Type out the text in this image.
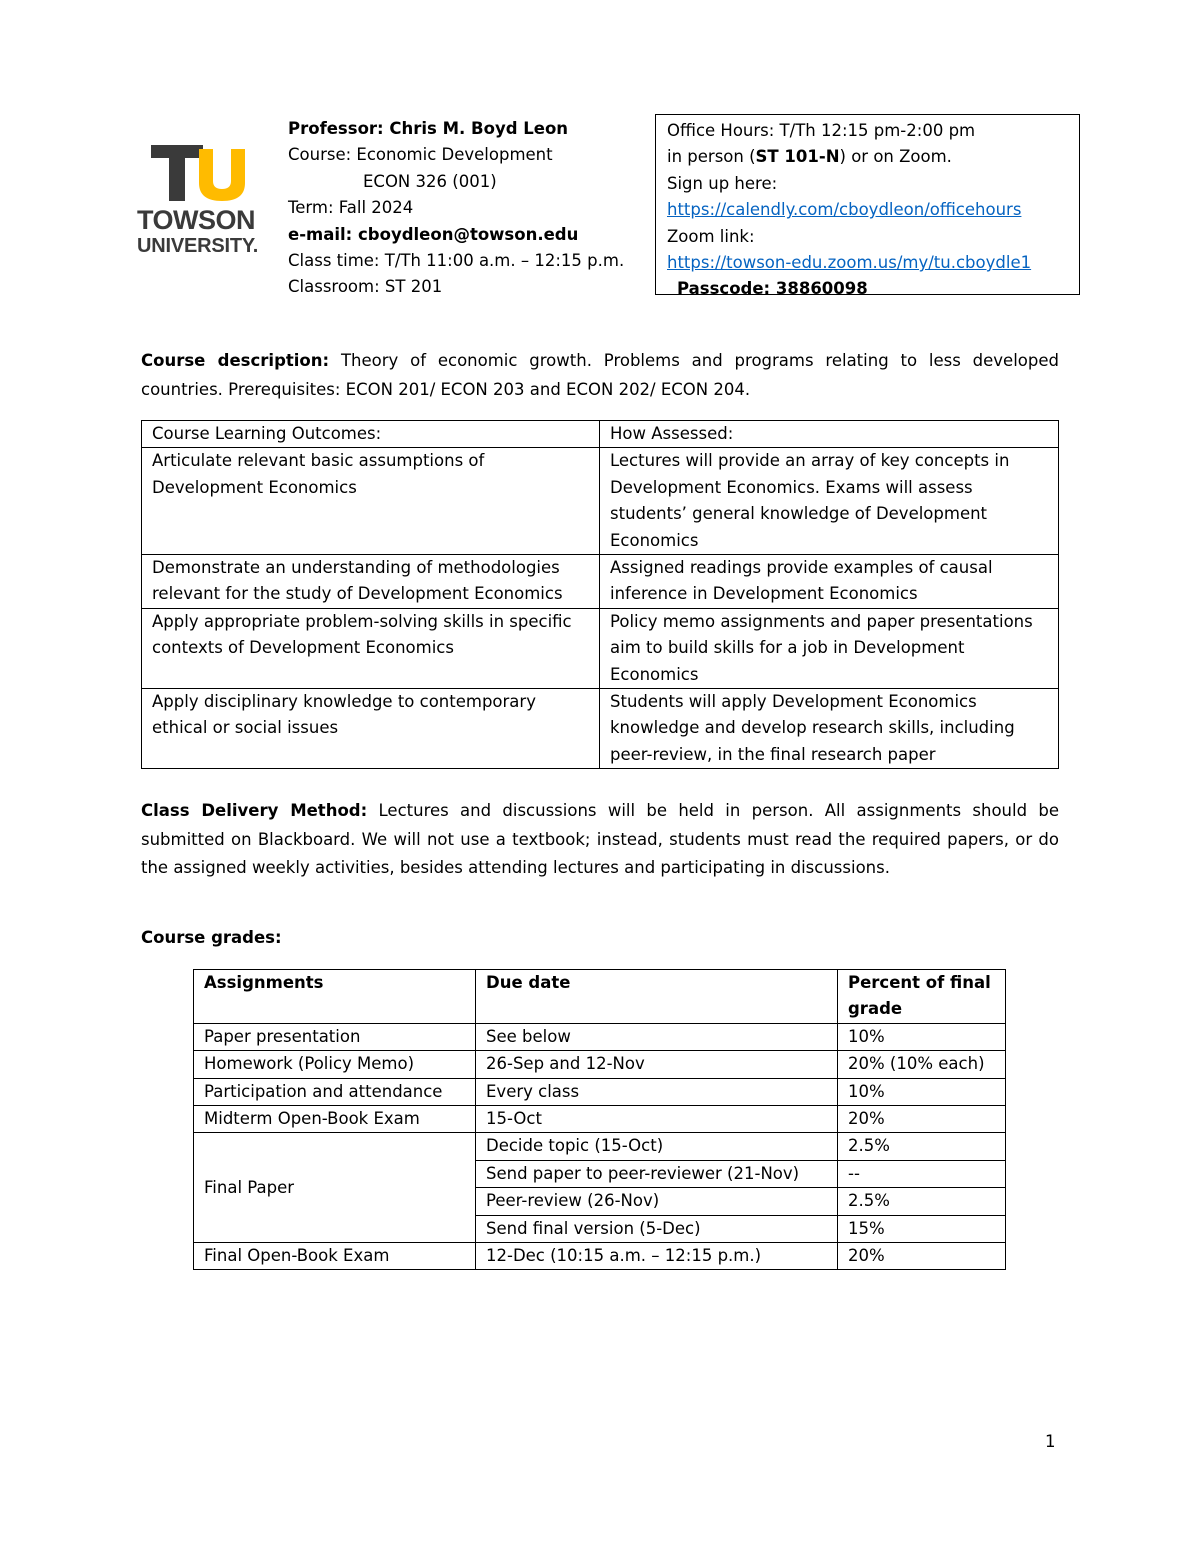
TOWSON
UNIVERSITY.
Professor: Chris M. Boyd Leon
Course: Economic Development
ECON 326 (001)
Term: Fall 2024
e-mail: cboydleon@towson.edu
Class time: T/Th 11:00 a.m. – 12:15 p.m.
Classroom: ST 201
Office Hours: T/Th 12:15 pm-2:00 pm
in person (ST 101-N) or on Zoom.
Sign up here:
https://calendly.com/cboydleon/officehours
Zoom link:
https://towson-edu.zoom.us/my/tu.cboydle1
Passcode: 38860098
Course description: Theory of economic growth. Problems and programs relating to less developed countries. Prerequisites: ECON 201/ ECON 203 and ECON 202/ ECON 204.
Course Learning Outcomes:	How Assessed:
Articulate relevant basic assumptions of Development Economics	Lectures will provide an array of key concepts in Development Economics. Exams will assess students’ general knowledge of Development Economics
Demonstrate an understanding of methodologies relevant for the study of Development Economics	Assigned readings provide examples of causal inference in Development Economics
Apply appropriate problem-solving skills in specific contexts of Development Economics	Policy memo assignments and paper presentations aim to build skills for a job in Development Economics
Apply disciplinary knowledge to contemporary ethical or social issues	Students will apply Development Economics knowledge and develop research skills, including peer-review, in the final research paper
Class Delivery Method: Lectures and discussions will be held in person. All assignments should be submitted on Blackboard. We will not use a textbook; instead, students must read the required papers, or do the assigned weekly activities, besides attending lectures and participating in discussions.
Course grades:
Assignments	Due date	Percent of final grade
Paper presentation	See below	10%
Homework (Policy Memo)	26-Sep and 12-Nov	20% (10% each)
Participation and attendance	Every class	10%
Midterm Open-Book Exam	15-Oct	20%
Final Paper	Decide topic (15-Oct)	2.5%
	Send paper to peer-reviewer (21-Nov)	--
	Peer-review (26-Nov)	2.5%
	Send final version (5-Dec)	15%
Final Open-Book Exam	12-Dec (10:15 a.m. – 12:15 p.m.)	20%
1
